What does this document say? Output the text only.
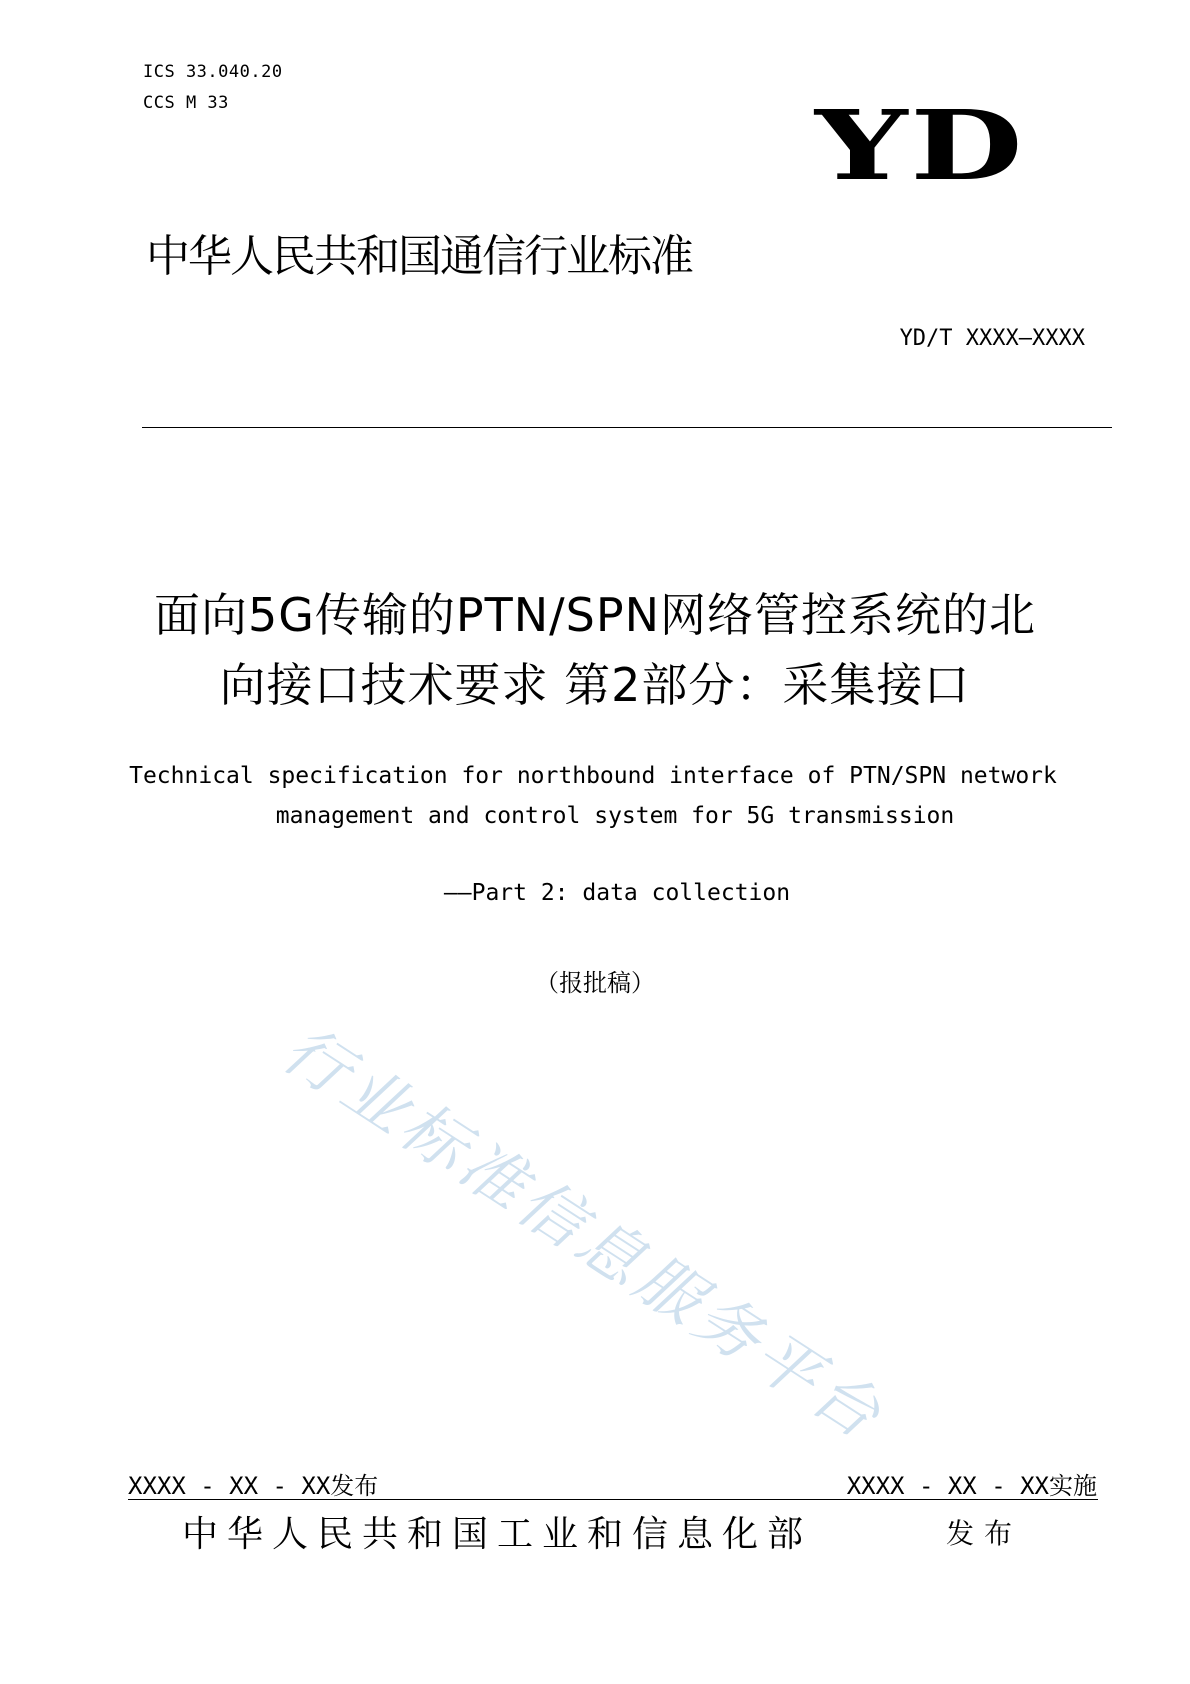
ICS 33.040.20
CCS M 33	YD
中华人民共和国通信行业标准
YD/T XXXX—XXXX
行业标准信息服务平台
面向5G传输的PTN/SPN网络管控系统的北
向接口技术要求 第2部分：采集接口
Technical specification for northbound interface of PTN/SPN network
management and control system for 5G transmission
——Part 2: data collection
（报批稿）
XXXX - XX - XX发布	XXXX - XX - XX实施
中华人民共和国工业和信息化部	发布
